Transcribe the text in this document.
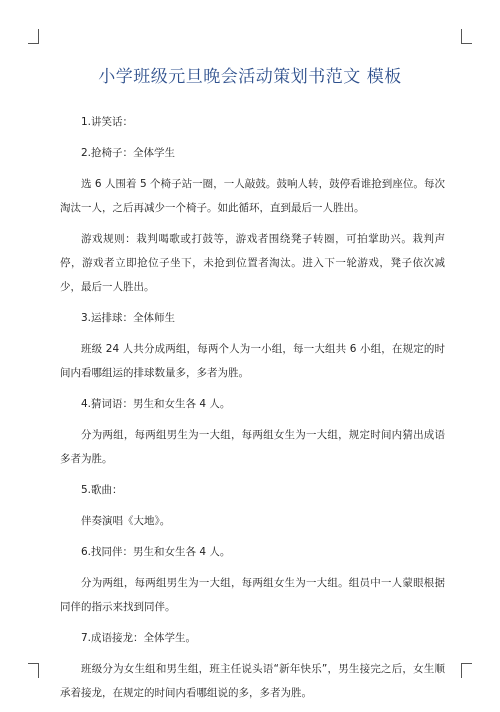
小学班级元旦晚会活动策划书范文 模板

1.讲笑话：

2.抢椅子：全体学生

选 6 人围着 5 个椅子站一圈，一人敲鼓。鼓响人转，鼓停看谁抢到座位。每次淘汰一人，之后再减少一个椅子。如此循环，直到最后一人胜出。

游戏规则：栽判喝歌或打鼓等，游戏者围绕凳子转圈，可拍掌助兴。栽判声停，游戏者立即抢位子坐下，未抢到位置者淘汰。进入下一轮游戏，凳子依次减少，最后一人胜出。

3.运排球：全体师生

班级 24 人共分成两组，每两个人为一小组，每一大组共 6 小组，在规定的时间内看哪组运的排球数量多，多者为胜。

4.猜词语：男生和女生各 4 人。

分为两组，每两组男生为一大组，每两组女生为一大组，规定时间内猜出成语多者为胜。

5.歌曲：

伴奏演唱《大地》。

6.找同伴：男生和女生各 4 人。

分为两组，每两组男生为一大组，每两组女生为一大组。组员中一人蒙眼根据同伴的指示来找到同伴。

7.成语接龙：全体学生。

班级分为女生组和男生组，班主任说头语“新年快乐”，男生接完之后，女生顺承着接龙，在规定的时间内看哪组说的多，多者为胜。
